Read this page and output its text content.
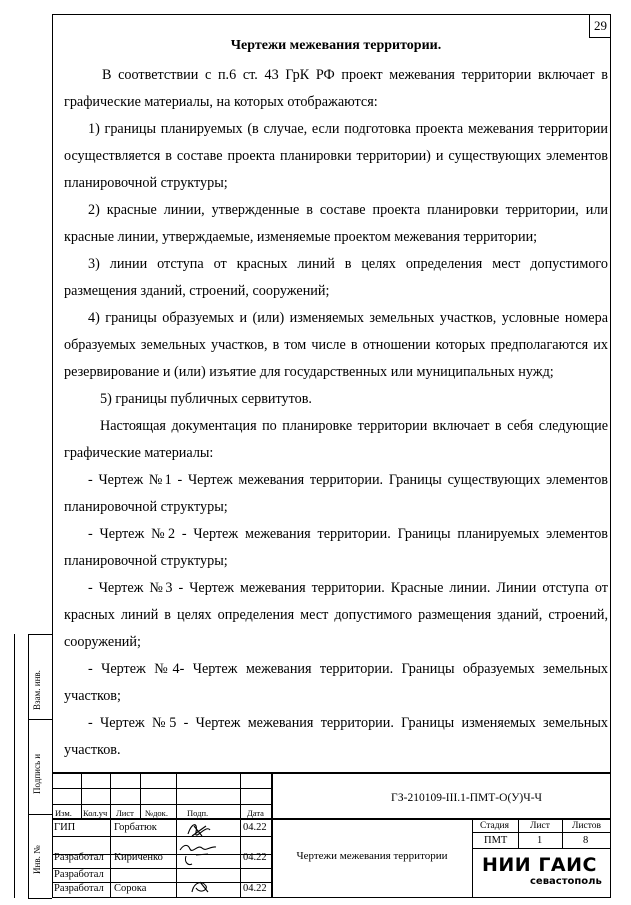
29
Взам. инв.
Подпись и
Инв. №
Чертежи межевания территории.

В соответствии с п.6 ст. 43 ГрК РФ проект межевания территории включает в графические материалы, на которых отображаются:

1) границы планируемых (в случае, если подготовка проекта межевания территории осуществляется в составе проекта планировки территории) и существующих элементов планировочной структуры;

2) красные линии, утвержденные в составе проекта планировки территории, или красные линии, утверждаемые, изменяемые проектом межевания территории;

3) линии отступа от красных линий в целях определения мест допустимого размещения зданий, строений, сооружений;

4) границы образуемых и (или) изменяемых земельных участков, условные номера образуемых земельных участков, в том числе в отношении которых предполагаются их резервирование и (или) изъятие для государственных или муниципальных нужд;

5) границы публичных сервитутов.

Настоящая документация по планировке территории включает в себя следующие графические материалы:

- Чертеж №1 - Чертеж межевания территории. Границы существующих элементов планировочной структуры;

- Чертеж №2 - Чертеж межевания территории. Границы планируемых элементов планировочной структуры;

- Чертеж №3 - Чертеж межевания территории. Красные линии. Линии отступа от красных линий в целях определения мест допустимого размещения зданий, строений, сооружений;

- Чертеж №4- Чертеж межевания территории. Границы образуемых земельных участков;

- Чертеж №5 - Чертеж межевания территории. Границы изменяемых земельных участков.

Изм. Кол.уч Лист №док. Подп.	Дата
ГИП	Горбатюк	04.22
Разработал Кириченко	04.22
Разработал
Разработал Сорока	04.22
ГЗ-210109-III.1-ПМТ-О(У)Ч-Ч
Чертежи межевания территории
Стадия Лист Листов
ПМТ	1	8
НИИ ГАИС
севастополь
